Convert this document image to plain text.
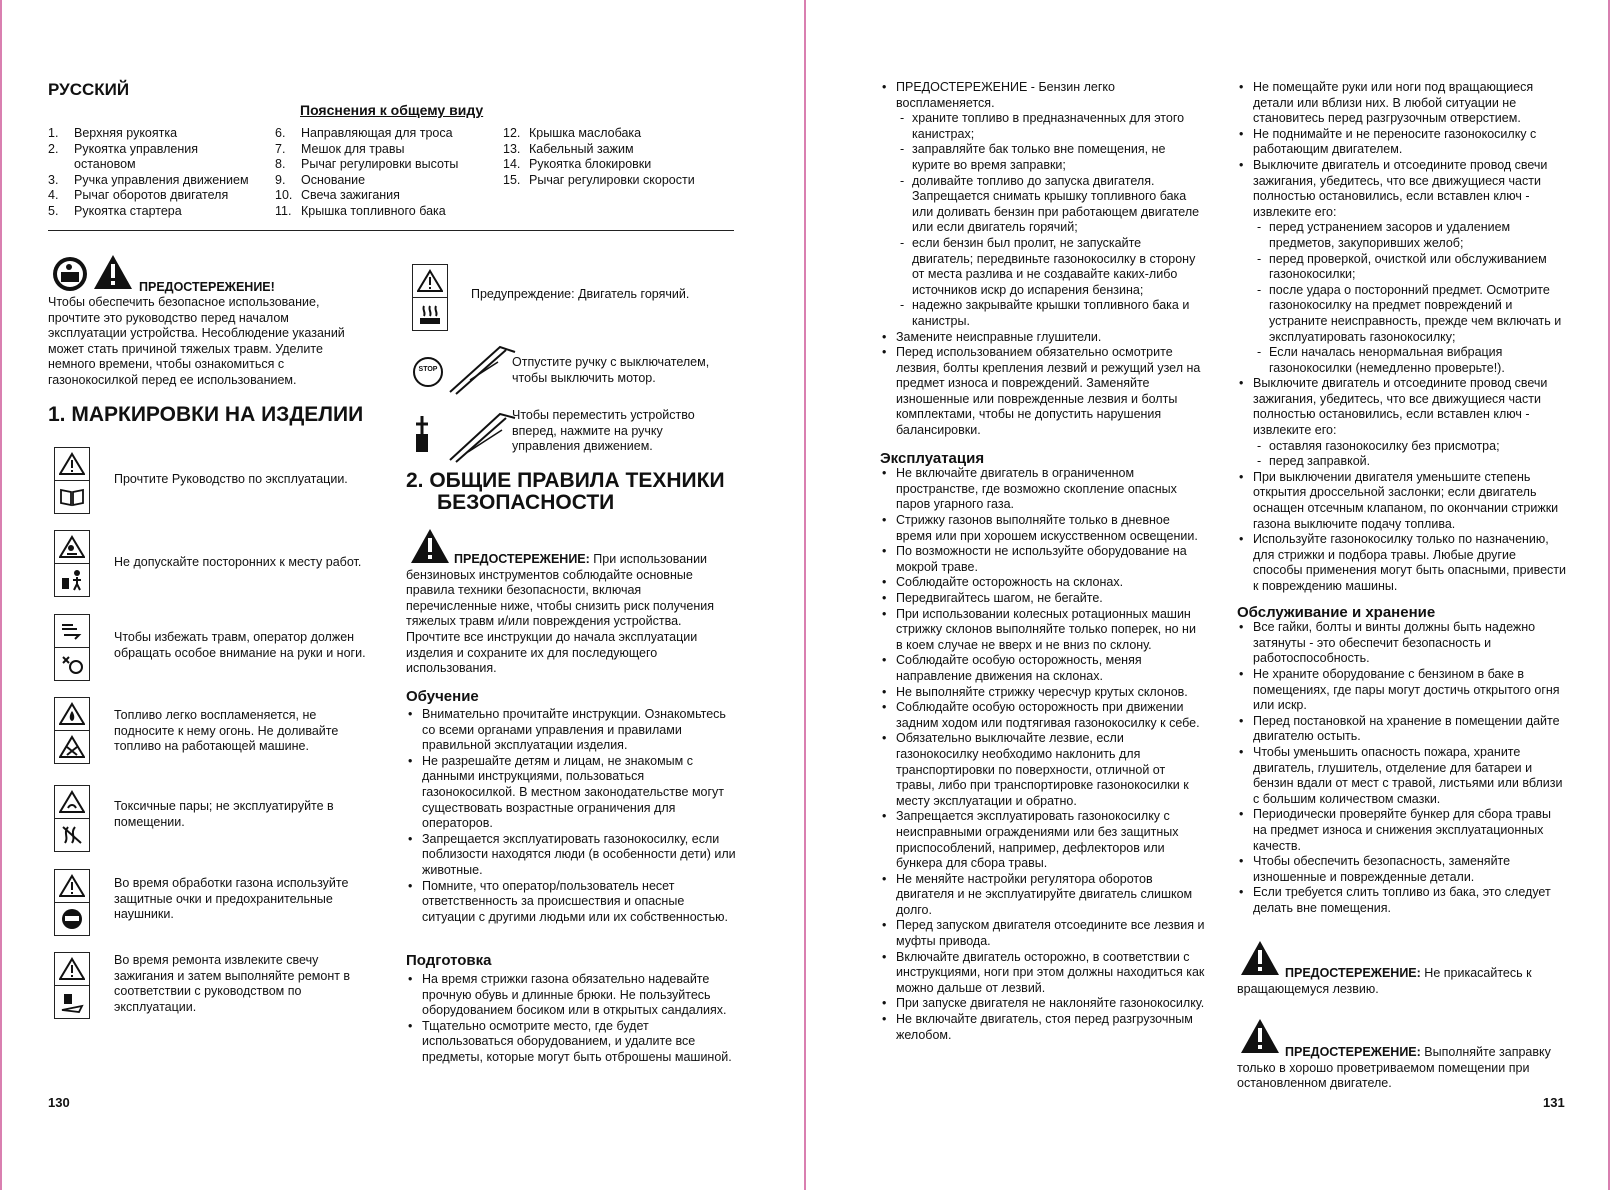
РУССКИЙ
Пояснения к общему виду
1.	Верхняя рукоятка
2.	Рукоятка управления остановом
3.	Ручка управления движением
4.	Рычаг оборотов двигателя
5.	Рукоятка стартера
6.	Направляющая для троса
7.	Мешок для травы
8.	Рычаг регулировки высоты
9.	Основание
10. Свеча зажигания
11. Крышка топливного бака
12. Крышка маслобака
13. Кабельный зажим
14. Рукоятка блокировки
15. Рычаг регулировки скорости
ПРЕДОСТЕРЕЖЕНИЕ!
Чтобы обеспечить безопасное использование, прочтите это руководство перед началом эксплуатации устройства. Несоблюдение указаний может стать причиной тяжелых травм. Уделите немного времени, чтобы ознакомиться с газонокосилкой перед ее использованием.
1. МАРКИРОВКИ НА ИЗДЕЛИИ
Прочтите Руководство по эксплуатации.
Не допускайте посторонних к месту работ.
Чтобы избежать травм, оператор должен обращать особое внимание на руки и ноги.
Топливо легко воспламеняется, не подносите к нему огонь. Не доливайте топливо на работающей машине.
Токсичные пары; не эксплуатируйте в помещении.
Во время обработки газона используйте защитные очки и предохранительные наушники.
Во время ремонта извлеките свечу зажигания и затем выполняйте ремонт в соответствии с руководством по эксплуатации.
Предупреждение: Двигатель горячий.
STOP
Отпустите ручку с выключателем, чтобы выключить мотор.
Чтобы переместить устройство вперед, нажмите на ручку управления движением.
2. ОБЩИЕ ПРАВИЛА ТЕХНИКИ
БЕЗОПАСНОСТИ
ПРЕДОСТЕРЕЖЕНИЕ: При использовании бензиновых инструментов соблюдайте основные правила техники безопасности, включая перечисленные ниже, чтобы снизить риск получения тяжелых травм и/или повреждения устройства. Прочтите все инструкции до начала эксплуатации изделия и сохраните их для последующего использования.
Обучение
• Внимательно прочитайте инструкции. Ознакомьтесь со всеми органами управления и правилами правильной эксплуатации изделия.
• Не разрешайте детям и лицам, не знакомым с данными инструкциями, пользоваться газонокосилкой. В местном законодательстве могут существовать возрастные ограничения для операторов.
• Запрещается эксплуатировать газонокосилку, если поблизости находятся люди (в особенности дети) или животные.
• Помните, что оператор/пользователь несет ответственность за происшествия и опасные ситуации с другими людьми или их собственностью.
Подготовка
• На время стрижки газона обязательно надевайте прочную обувь и длинные брюки. Не пользуйтесь оборудованием босиком или в открытых сандалиях.
• Тщательно осмотрите место, где будет использоваться оборудованием, и удалите все предметы, которые могут быть отброшены машиной.
130
• ПРЕДОСТЕРЕЖЕНИЕ - Бензин легко воспламеняется.
- храните топливо в предназначенных для этого канистрах;
- заправляйте бак только вне помещения, не курите во время заправки;
- доливайте топливо до запуска двигателя. Запрещается снимать крышку топливного бака или доливать бензин при работающем двигателе или если двигатель горячий;
- если бензин был пролит, не запускайте двигатель; передвиньте газонокосилку в сторону от места разлива и не создавайте каких-либо источников искр до испарения бензина;
- надежно закрывайте крышки топливного бака и канистры.
• Замените неисправные глушители.
• Перед использованием обязательно осмотрите лезвия, болты крепления лезвий и режущий узел на предмет износа и повреждений. Заменяйте изношенные или поврежденные лезвия и болты комплектами, чтобы не допустить нарушения балансировки.
Эксплуатация
• Не включайте двигатель в ограниченном пространстве, где возможно скопление опасных паров угарного газа.
• Стрижку газонов выполняйте только в дневное время или при хорошем искусственном освещении.
• По возможности не используйте оборудование на мокрой траве.
• Соблюдайте осторожность на склонах.
• Передвигайтесь шагом, не бегайте.
• При использовании колесных ротационных машин стрижку склонов выполняйте только поперек, но ни в коем случае не вверх и не вниз по склону.
• Соблюдайте особую осторожность, меняя направление движения на склонах.
• Не выполняйте стрижку чересчур крутых склонов.
• Соблюдайте особую осторожность при движении задним ходом или подтягивая газонокосилку к себе.
• Обязательно выключайте лезвие, если газонокосилку необходимо наклонить для транспортировки по поверхности, отличной от травы, либо при транспортировке газонокосилки к месту эксплуатации и обратно.
• Запрещается эксплуатировать газонокосилку с неисправными ограждениями или без защитных приспособлений, например, дефлекторов или бункера для сбора травы.
• Не меняйте настройки регулятора оборотов двигателя и не эксплуатируйте двигатель слишком долго.
• Перед запуском двигателя отсоедините все лезвия и муфты привода.
• Включайте двигатель осторожно, в соответствии с инструкциями, ноги при этом должны находиться как можно дальше от лезвий.
• При запуске двигателя не наклоняйте газонокосилку.
• Не включайте двигатель, стоя перед разгрузочным желобом.
• Не помещайте руки или ноги под вращающиеся детали или вблизи них. В любой ситуации не становитесь перед разгрузочным отверстием.
• Не поднимайте и не переносите газонокосилку с работающим двигателем.
• Выключите двигатель и отсоедините провод свечи зажигания, убедитесь, что все движущиеся части полностью остановились, если вставлен ключ - извлеките его:
- перед устранением засоров и удалением предметов, закупоривших желоб;
- перед проверкой, очисткой или обслуживанием газонокосилки;
- после удара о посторонний предмет. Осмотрите газонокосилку на предмет повреждений и устраните неисправность, прежде чем включать и эксплуатировать газонокосилку;
- Если началась ненормальная вибрация газонокосилки (немедленно проверьте!).
• Выключите двигатель и отсоедините провод свечи зажигания, убедитесь, что все движущиеся части полностью остановились, если вставлен ключ - извлеките его:
- оставляя газонокосилку без присмотра;
- перед заправкой.
• При выключении двигателя уменьшите степень открытия дроссельной заслонки; если двигатель оснащен отсечным клапаном, по окончании стрижки газона выключите подачу топлива.
• Используйте газонокосилку только по назначению, для стрижки и подбора травы. Любые другие способы применения могут быть опасными, привести к повреждению машины.
Обслуживание и хранение
• Все гайки, болты и винты должны быть надежно затянуты - это обеспечит безопасность и работоспособность.
• Не храните оборудование с бензином в баке в помещениях, где пары могут достичь открытого огня или искр.
• Перед постановкой на хранение в помещении дайте двигателю остыть.
• Чтобы уменьшить опасность пожара, храните двигатель, глушитель, отделение для батареи и бензин вдали от мест с травой, листьями или вблизи с большим количеством смазки.
• Периодически проверяйте бункер для сбора травы на предмет износа и снижения эксплуатационных качеств.
• Чтобы обеспечить безопасность, заменяйте изношенные и поврежденные детали.
• Если требуется слить топливо из бака, это следует делать вне помещения.
ПРЕДОСТЕРЕЖЕНИЕ: Не прикасайтесь к вращающемуся лезвию.
ПРЕДОСТЕРЕЖЕНИЕ: Выполняйте заправку только в хорошо проветриваемом помещении при остановленном двигателе.
131
